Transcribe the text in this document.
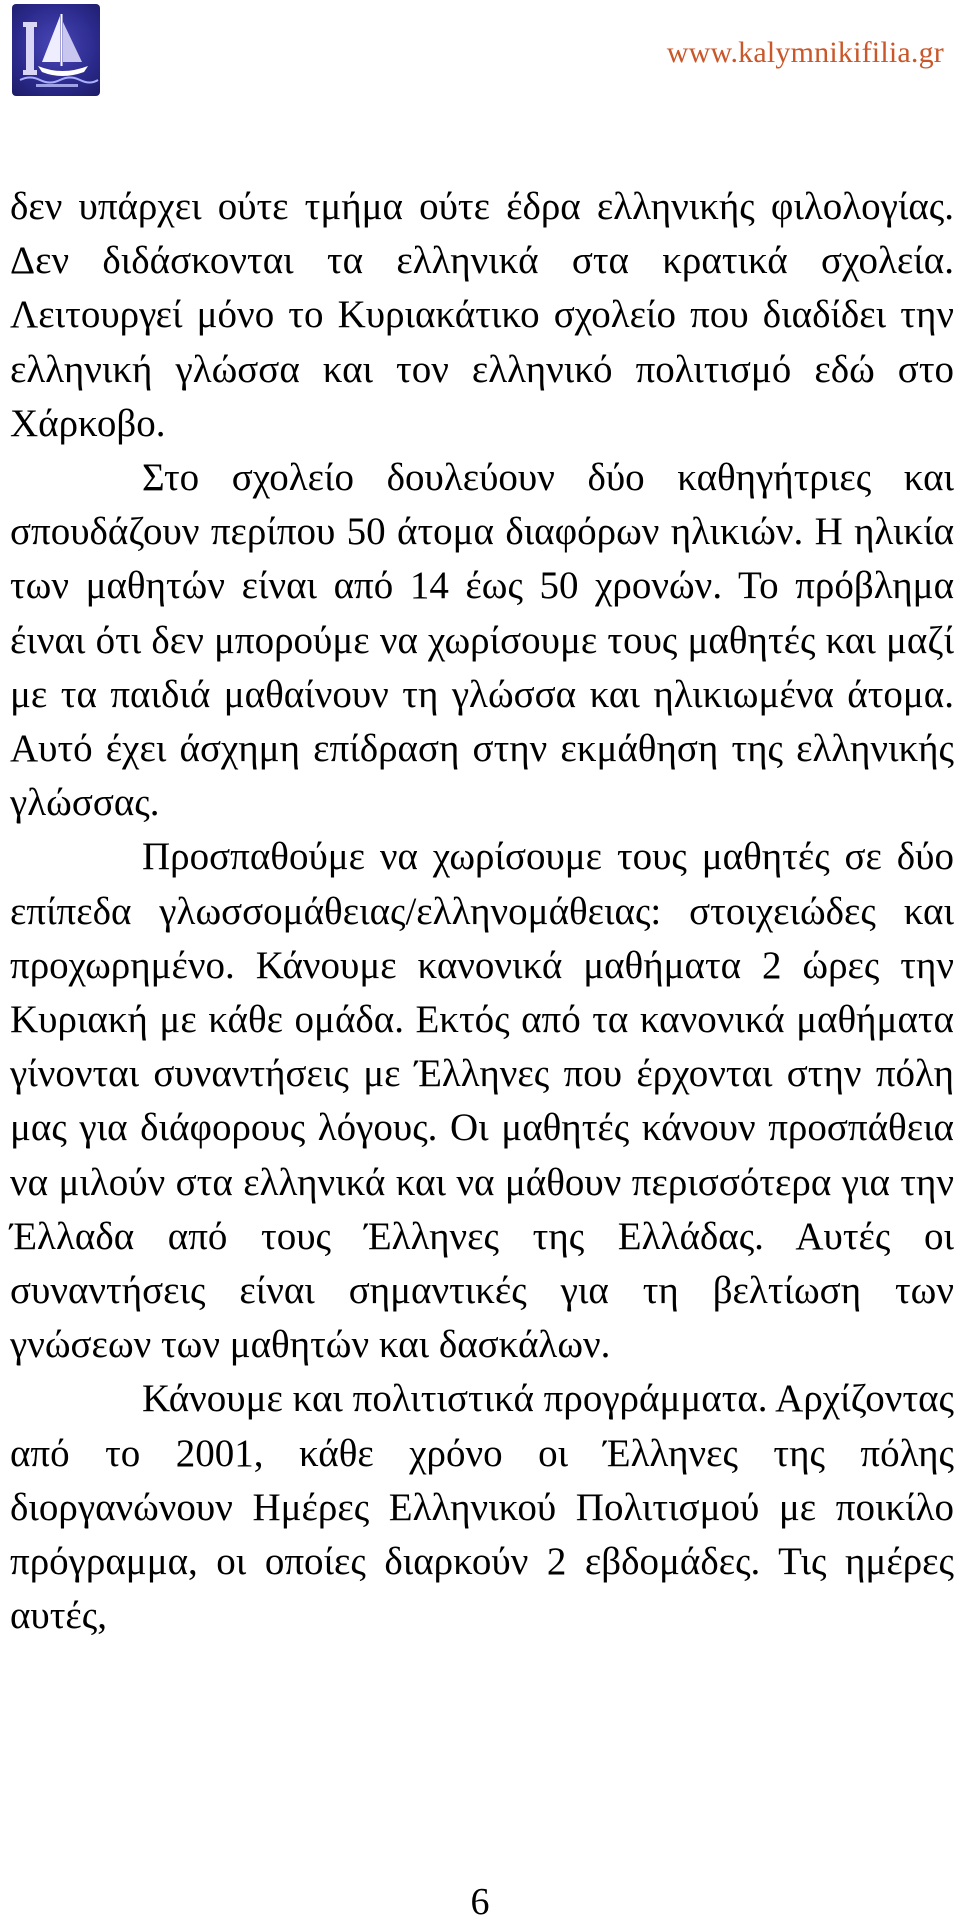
www.kalymnikifilia.gr

δεν υπάρχει ούτε τμήμα ούτε έδρα ελληνικής φιλολογίας. Δεν διδάσκονται τα ελληνικά στα κρατικά σχολεία. Λειτουργεί μόνο το Κυριακάτικο σχολείο που διαδίδει την ελληνική γλώσσα και τον ελληνικό πολιτισμό εδώ στο Χάρκοβο.

Στο σχολείο δουλεύουν δύο καθηγήτριες και σπουδάζουν περίπου 50 άτομα διαφόρων ηλικιών. Η ηλικία των μαθητών είναι από 14 έως 50 χρονών. Το πρόβλημα έιναι ότι δεν μπορούμε να χωρίσουμε τους μαθητές και μαζί με τα παιδιά μαθαίνουν τη γλώσσα και ηλικιωμένα άτομα. Αυτό έχει άσχημη επίδραση στην εκμάθηση της ελληνικής γλώσσας.

Προσπαθούμε να χωρίσουμε τους μαθητές σε δύο επίπεδα γλωσσομάθειας/ελληνομάθειας: στοιχειώδες και προχωρημένο. Κάνουμε κανονικά μαθήματα 2 ώρες την Κυριακή με κάθε ομάδα. Εκτός από τα κανονικά μαθήματα γίνονται συναντήσεις με Έλληνες που έρχονται στην πόλη μας για διάφορους λόγους. Οι μαθητές κάνουν προσπάθεια να μιλούν στα ελληνικά και να μάθουν περισσότερα για την Έλλαδα από τους Έλληνες της Ελλάδας. Αυτές οι συναντήσεις είναι σημαντικές για τη βελτίωση των γνώσεων των μαθητών και δασκάλων.

Κάνουμε και πολιτιστικά προγράμματα. Αρχίζοντας από το 2001, κάθε χρόνο οι Έλληνες της πόλης διοργανώνουν Ημέρες Ελληνικού Πολιτισμού με ποικίλο πρόγραμμα, οι οποίες διαρκούν 2 εβδομάδες. Τις ημέρες αυτές,

6
